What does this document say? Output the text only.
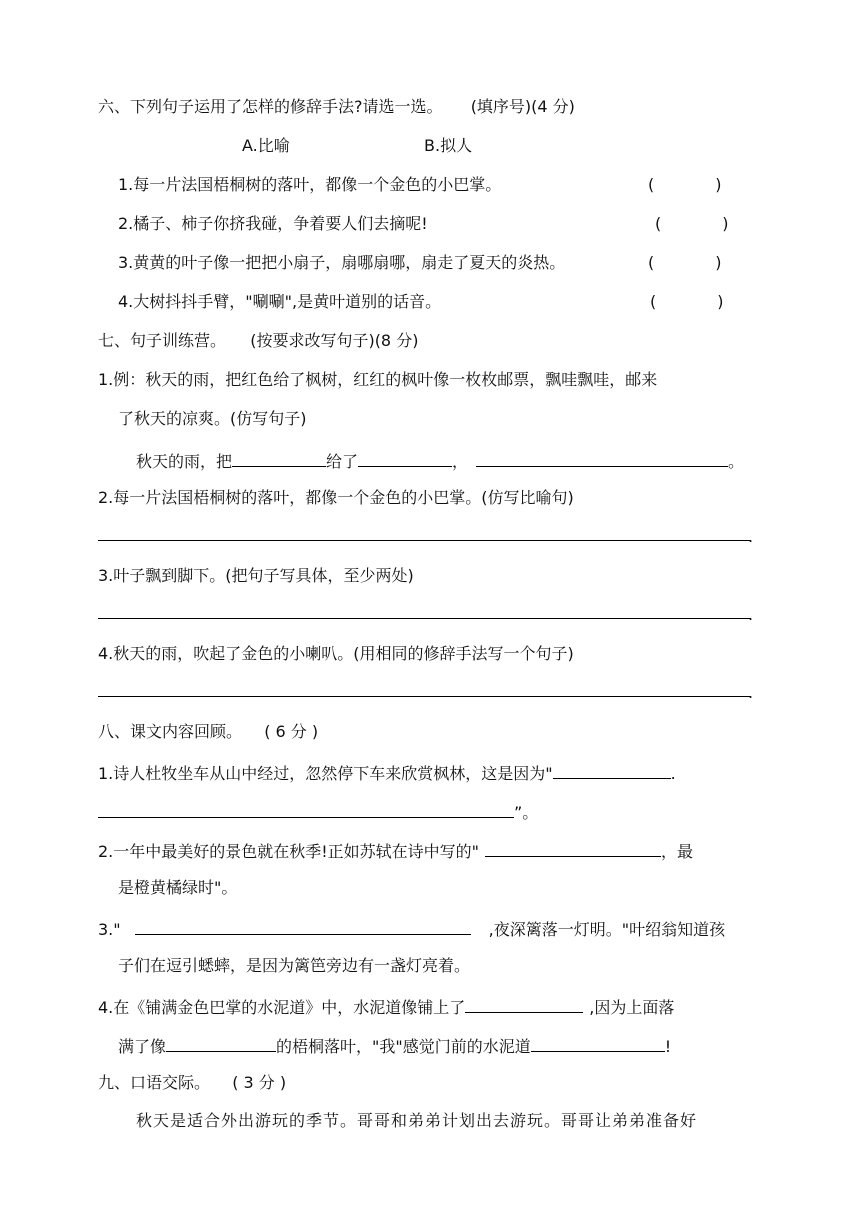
六、下列句子运用了怎样的修辞手法?请选一选。 (填序号)(4 分)
A.比喻	B.拟人
1.每一片法国梧桐树的落叶，都像一个金色的小巴掌。	(            )
2.橘子、柿子你挤我碰，争着要人们去摘呢!	(            )
3.黄黄的叶子像一把把小扇子，扇哪扇哪，扇走了夏天的炎热。	(            )
4.大树抖抖手臂，"唰唰",是黄叶道别的话音。	(            )
七、句子训练营。 (按要求改写句子)(8 分)
1.例：秋天的雨，把红色给了枫树，红红的枫叶像一枚枚邮票，飘哇飘哇，邮来
了秋天的凉爽。(仿写句子)
秋天的雨，把	给了	，	。
2.每一片法国梧桐树的落叶，都像一个金色的小巴掌。(仿写比喻句)
.
3.叶子飘到脚下。(把句子写具体，至少两处)
.
4.秋天的雨，吹起了金色的小喇叭。(用相同的修辞手法写一个句子)
.
八、课文内容回顾。 ( 6 分 )
1.诗人杜牧坐车从山中经过，忽然停下车来欣赏枫林，这是因为"	.
”。
2.一年中最美好的景色就在秋季!正如苏轼在诗中写的"	，最
是橙黄橘绿时"。
3."	,夜深篱落一灯明。"叶绍翁知道孩
子们在逗引蟋蟀，是因为篱笆旁边有一盏灯亮着。
4.在《铺满金色巴掌的水泥道》中，水泥道像铺上了	,因为上面落
满了像	的梧桐落叶，"我"感觉门前的水泥道	!
九、口语交际。 ( 3 分 )
秋天是适合外出游玩的季节。哥哥和弟弟计划出去游玩。哥哥让弟弟准备好
